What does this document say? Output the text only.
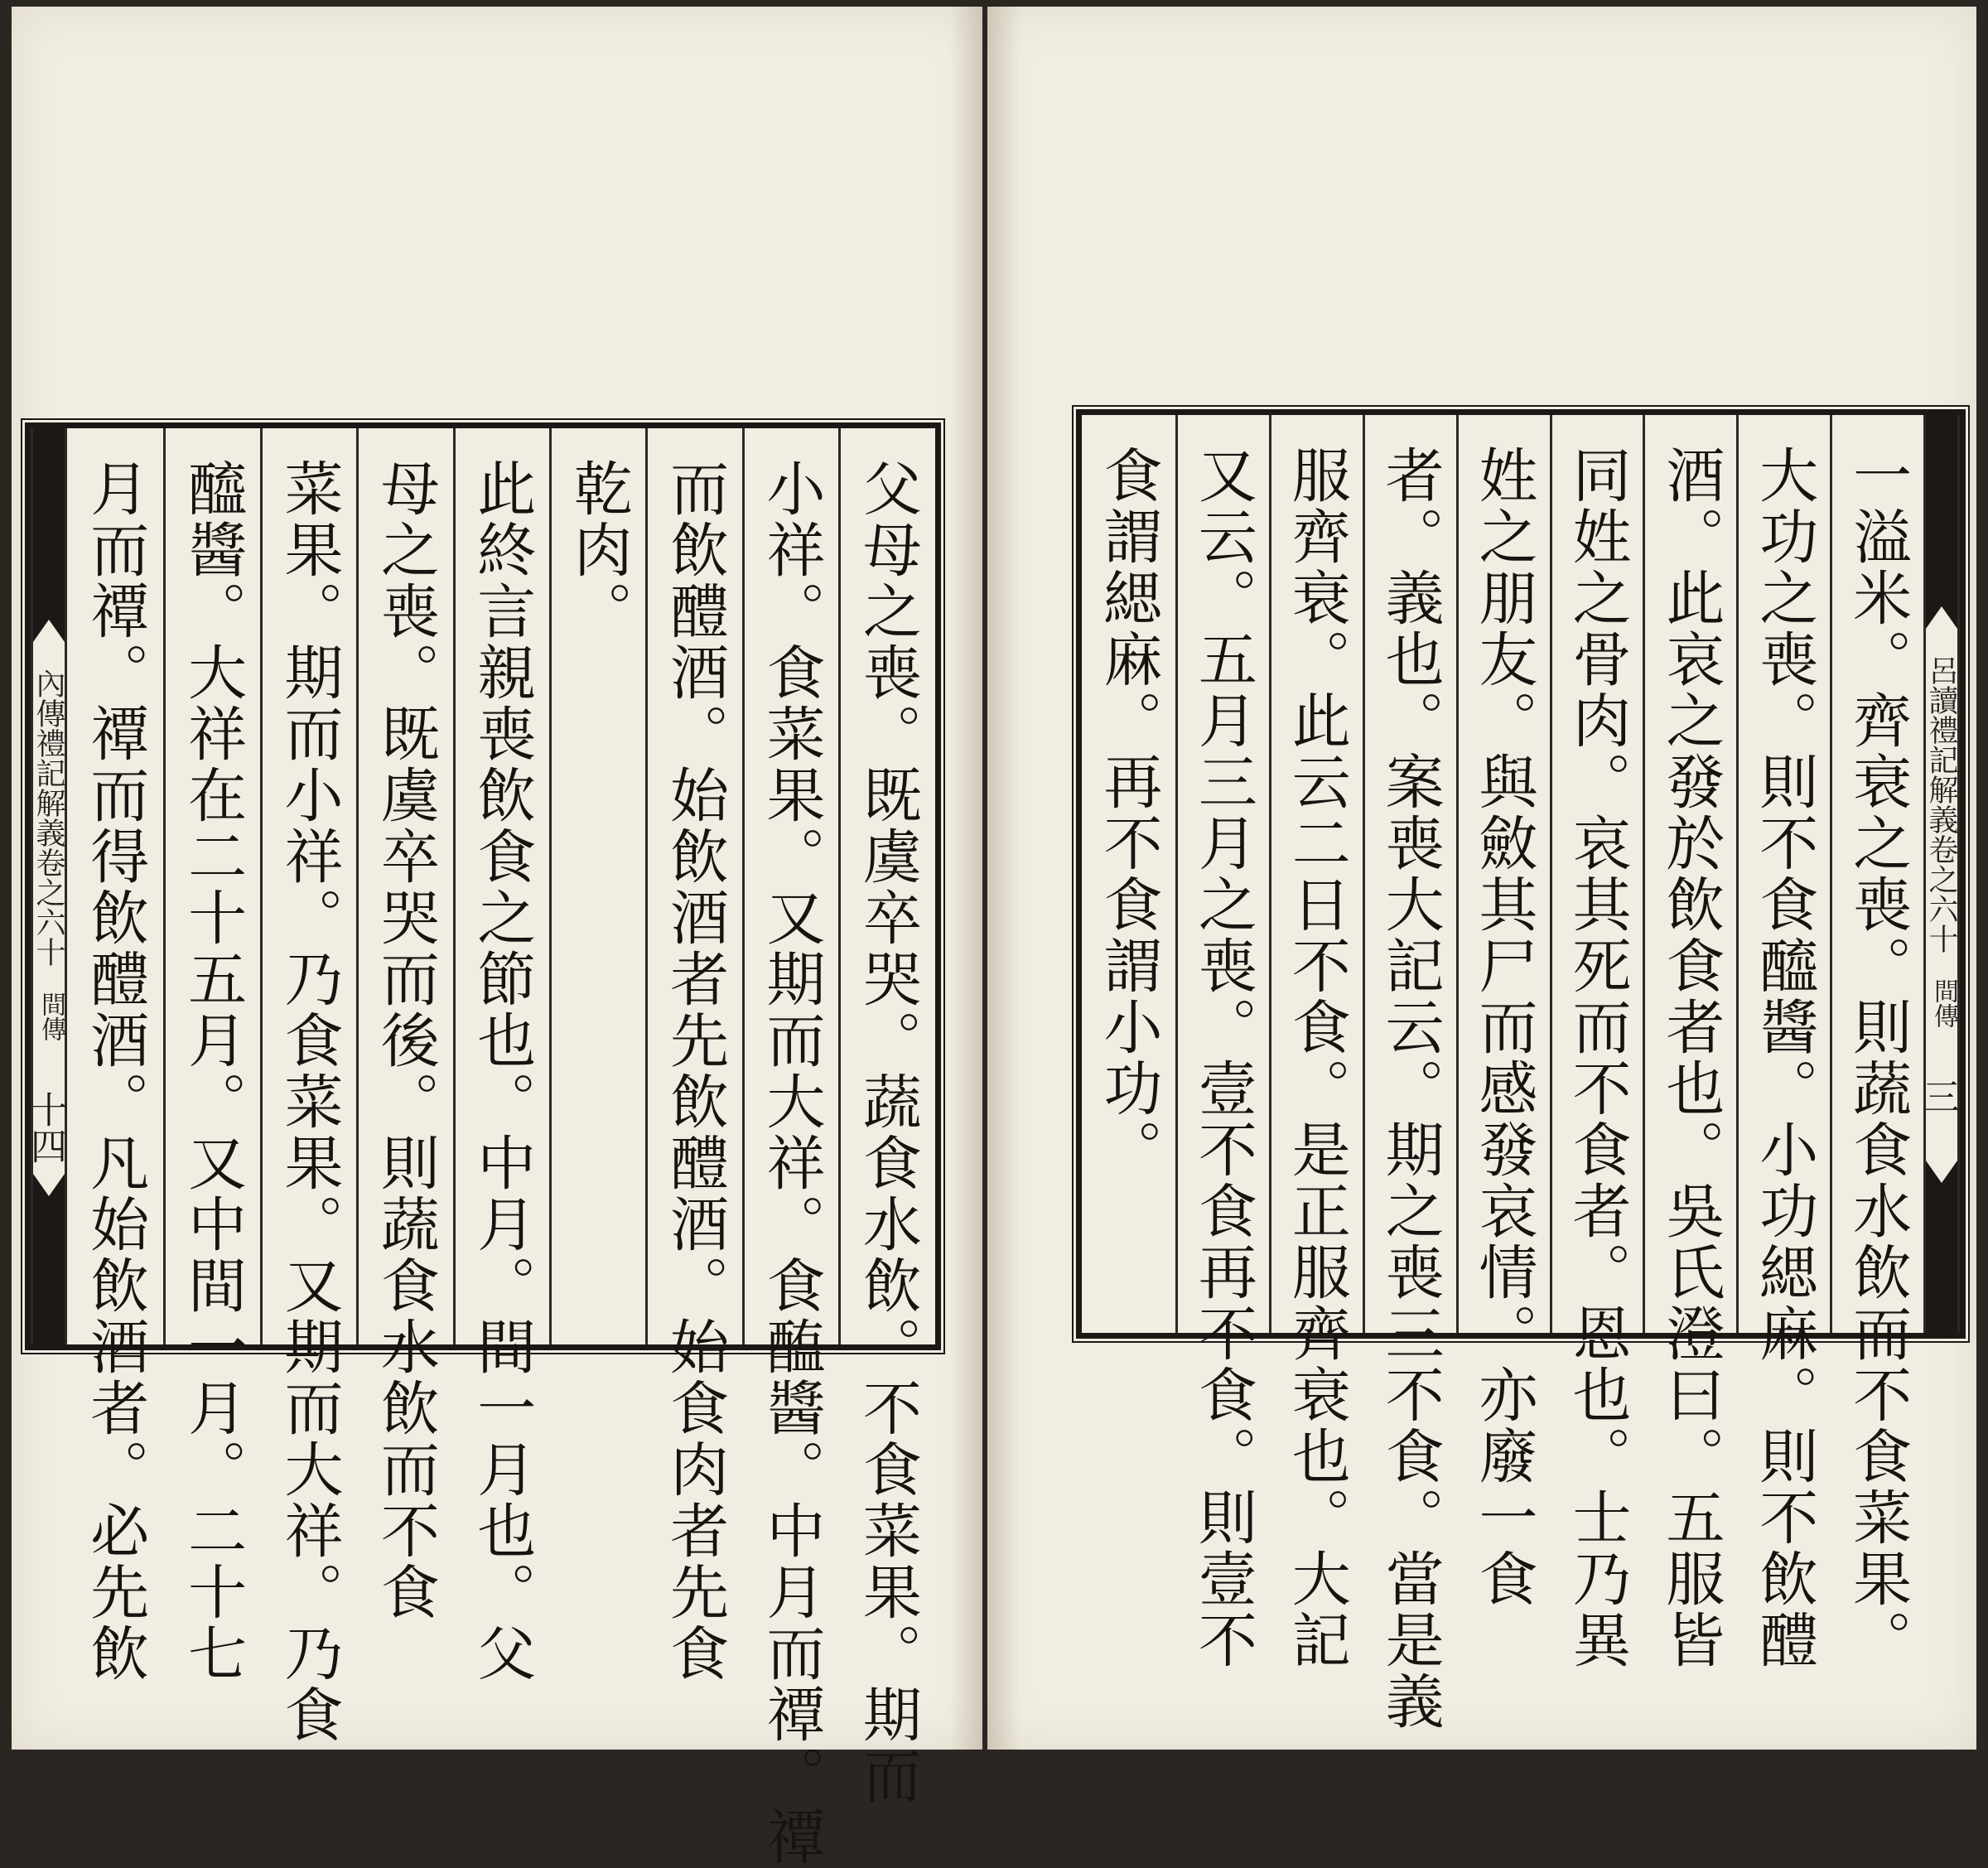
內傳禮記解義卷之六十
間傳
十四	父母之喪。既虞卒哭。蔬食水飲。不食菜果。期而
小祥。食菜果。又期而大祥。食醢醬。中月而禫。禫
而飲醴酒。始飲酒者先飲醴酒。始食肉者先食
乾肉。
此終言親喪飲食之節也。中月。間一月也。父
母之喪。既虞卒哭而後。則蔬食水飲而不食
菜果。期而小祥。乃食菜果。又期而大祥。乃食
醯醬。大祥在二十五月。又中間一月。二十七
月而禫。禫而得飲醴酒。凡始飲酒者。必先飲	一溢米。齊衰之喪。則蔬食水飲而不食菜果。
大功之喪。則不食醯醬。小功緦麻。則不飲醴
酒。此哀之發於飲食者也。吳氏澄曰。五服皆
同姓之骨肉。哀其死而不食者。恩也。士乃異
姓之朋友。與斂其尸而感發哀情。亦廢一食
者。義也。案喪大記云。期之喪三不食。當是義
服齊衰。此云二日不食。是正服齊衰也。大記
又云。五月三月之喪。壹不食再不食。則壹不
食謂緦麻。再不食謂小功。	呂讀禮記解義卷之六十
間傳
三
